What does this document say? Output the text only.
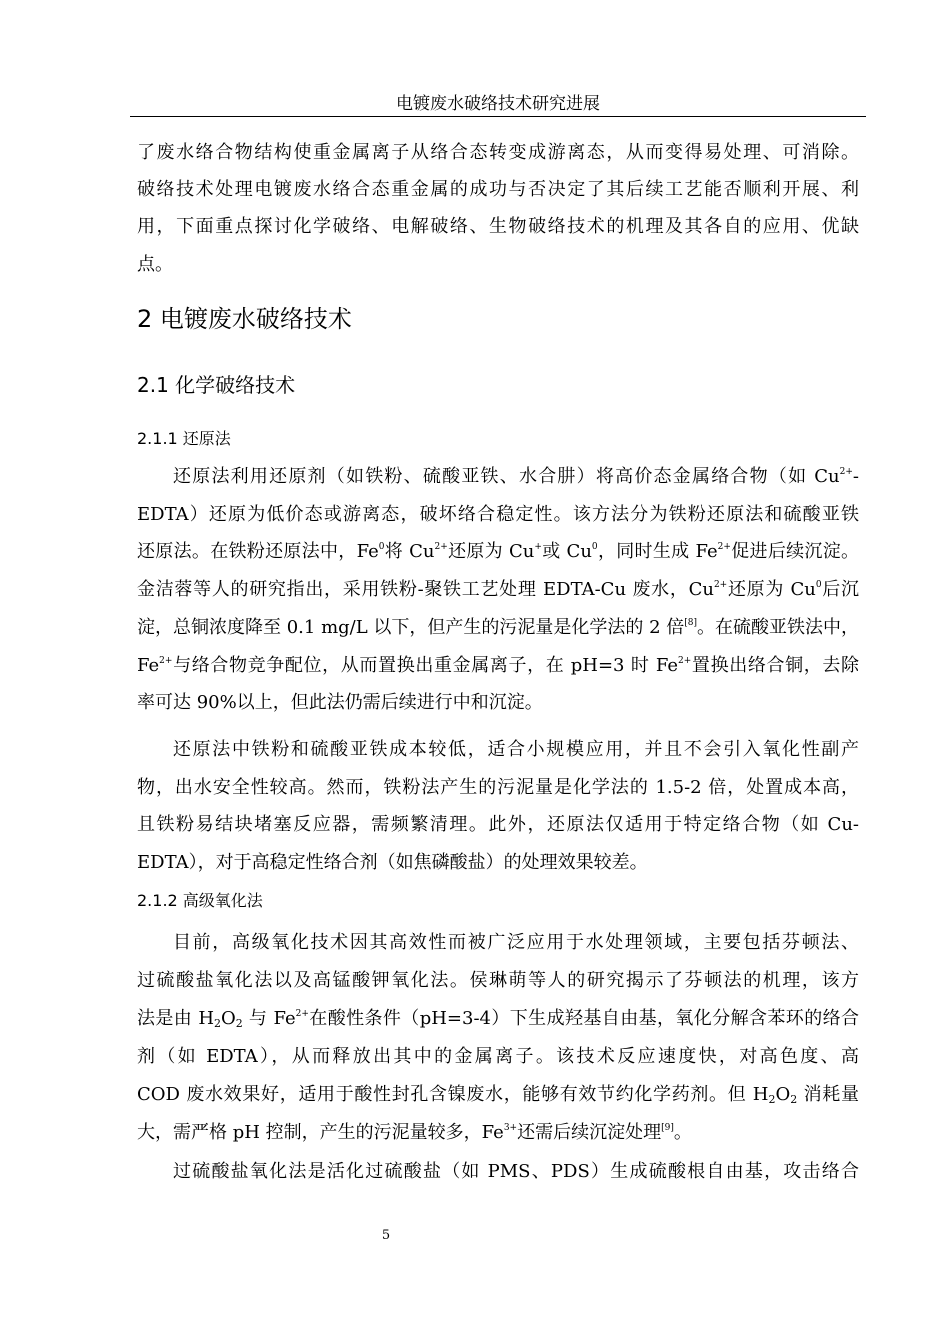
电镀废水破络技术研究进展
了废水络合物结构使重金属离子从络合态转变成游离态，从而变得易处理、可消除。
破络技术处理电镀废水络合态重金属的成功与否决定了其后续工艺能否顺利开展、利
用，下面重点探讨化学破络、电解破络、生物破络技术的机理及其各自的应用、优缺
点。
2 电镀废水破络技术
2.1 化学破络技术
2.1.1 还原法
还原法利用还原剂（如铁粉、硫酸亚铁、水合肼）将高价态金属络合物（如 $Cu^{2+}-$
EDTA）还原为低价态或游离态，破坏络合稳定性。该方法分为铁粉还原法和硫酸亚铁
还原法。在铁粉还原法中，Fe$^0$将 $Cu^{2+}$还原为 Cu+或 Cu$^0$，同时生成 $Fe^{2+}$促进后续沉淀。
金洁蓉等人的研究指出，采用铁粉-聚铁工艺处理 EDTA-Cu 废水，$Cu^{2+}$还原为 Cu$^0$后沉
淀，总铜浓度降至 0.1 mg/L 以下，但产生的污泥量是化学法的 2 倍[8]。在硫酸亚铁法中，
$Fe^{2+}$与络合物竞争配位，从而置换出重金属离子，在 pH=3 时 $Fe^{2+}$置换出络合铜，去除
率可达 90%以上，但此法仍需后续进行中和沉淀。
还原法中铁粉和硫酸亚铁成本较低，适合小规模应用，并且不会引入氧化性副产
物，出水安全性较高。然而，铁粉法产生的污泥量是化学法的 1.5-2 倍，处置成本高，
且铁粉易结块堵塞反应器，需频繁清理。此外，还原法仅适用于特定络合物（如 Cu-
EDTA），对于高稳定性络合剂（如焦磷酸盐）的处理效果较差。
2.1.2 高级氧化法
目前，高级氧化技术因其高效性而被广泛应用于水处理领域，主要包括芬顿法、
过硫酸盐氧化法以及高锰酸钾氧化法。侯琳萌等人的研究揭示了芬顿法的机理，该方
法是由 $H_2O_2$ 与 $Fe^{2+}$在酸性条件（pH=3-4）下生成羟基自由基，氧化分解含苯环的络合
剂（如 EDTA），从而释放出其中的金属离子。该技术反应速度快，对高色度、高
COD 废水效果好，适用于酸性封孔含镍废水，能够有效节约化学药剂。但 $H_2O_2$ 消耗量
大，需严格 pH 控制，产生的污泥量较多，$Fe^{3+}$还需后续沉淀处理[9]。
过硫酸盐氧化法是活化过硫酸盐（如 PMS、PDS）生成硫酸根自由基，攻击络合
5
